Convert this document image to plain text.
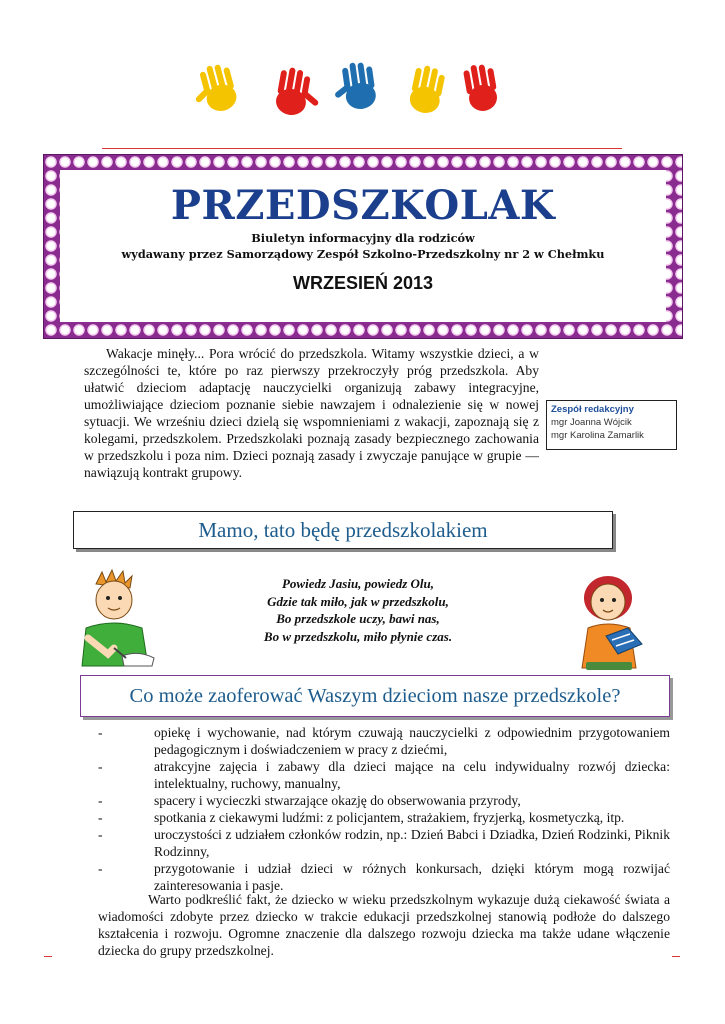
PRZEDSZKOLAK
Biuletyn informacyjny dla rodziców
wydawany przez Samorządowy Zespół Szkolno-Przedszkolny nr 2 w Chełmku
WRZESIEŃ 2013

Wakacje minęły... Pora wrócić do przedszkola. Witamy wszystkie dzieci, a w szczególności te, które po raz pierwszy przekroczyły próg przedszkola. Aby ułatwić dzieciom adaptację nauczycielki organizują zabawy integracyjne, umożliwiające dzieciom poznanie siebie nawzajem i odnalezienie się w nowej sytuacji. We wrześniu dzieci dzielą się wspomnieniami z wakacji, zapoznają się z kolegami, przedszkolem. Przedszkolaki poznają zasady bezpiecznego zachowania w przedszkolu i poza nim. Dzieci poznają zasady i zwyczaje panujące w grupie — nawiązują kontrakt grupowy.

Zespół redakcyjny
mgr Joanna Wójcik
mgr Karolina Zamarlik
Mamo, tato będę przedszkolakiem
Powiedz Jasiu, powiedz Olu,
Gdzie tak miło, jak w przedszkolu,
Bo przedszkole uczy, bawi nas,
Bo w przedszkolu, miło płynie czas.
Co może zaoferować Waszym dzieciom nasze przedszkole?
-	opiekę i wychowanie, nad którym czuwają nauczycielki z odpowiednim przygotowaniem pedagogicznym i doświadczeniem w pracy z dziećmi,
-	atrakcyjne zajęcia i zabawy dla dzieci mające na celu indywidualny rozwój dziecka: intelektualny, ruchowy, manualny,
-	spacery i wycieczki stwarzające okazję do obserwowania przyrody,
-	spotkania z ciekawymi ludźmi: z policjantem, strażakiem, fryzjerką, kosmetyczką, itp.
-	uroczystości z udziałem członków rodzin, np.: Dzień Babci i Dziadka, Dzień Rodzinki, Piknik Rodzinny,
-	przygotowanie i udział dzieci w różnych konkursach, dzięki którym mogą rozwijać zainteresowania i pasje.

Warto podkreślić fakt, że dziecko w wieku przedszkolnym wykazuje dużą ciekawość świata a wiadomości zdobyte przez dziecko w trakcie edukacji przedszkolnej stanowią podłoże do dalszego kształcenia i rozwoju. Ogromne znaczenie dla dalszego rozwoju dziecka ma także udane włączenie dziecka do grupy przedszkolnej.
